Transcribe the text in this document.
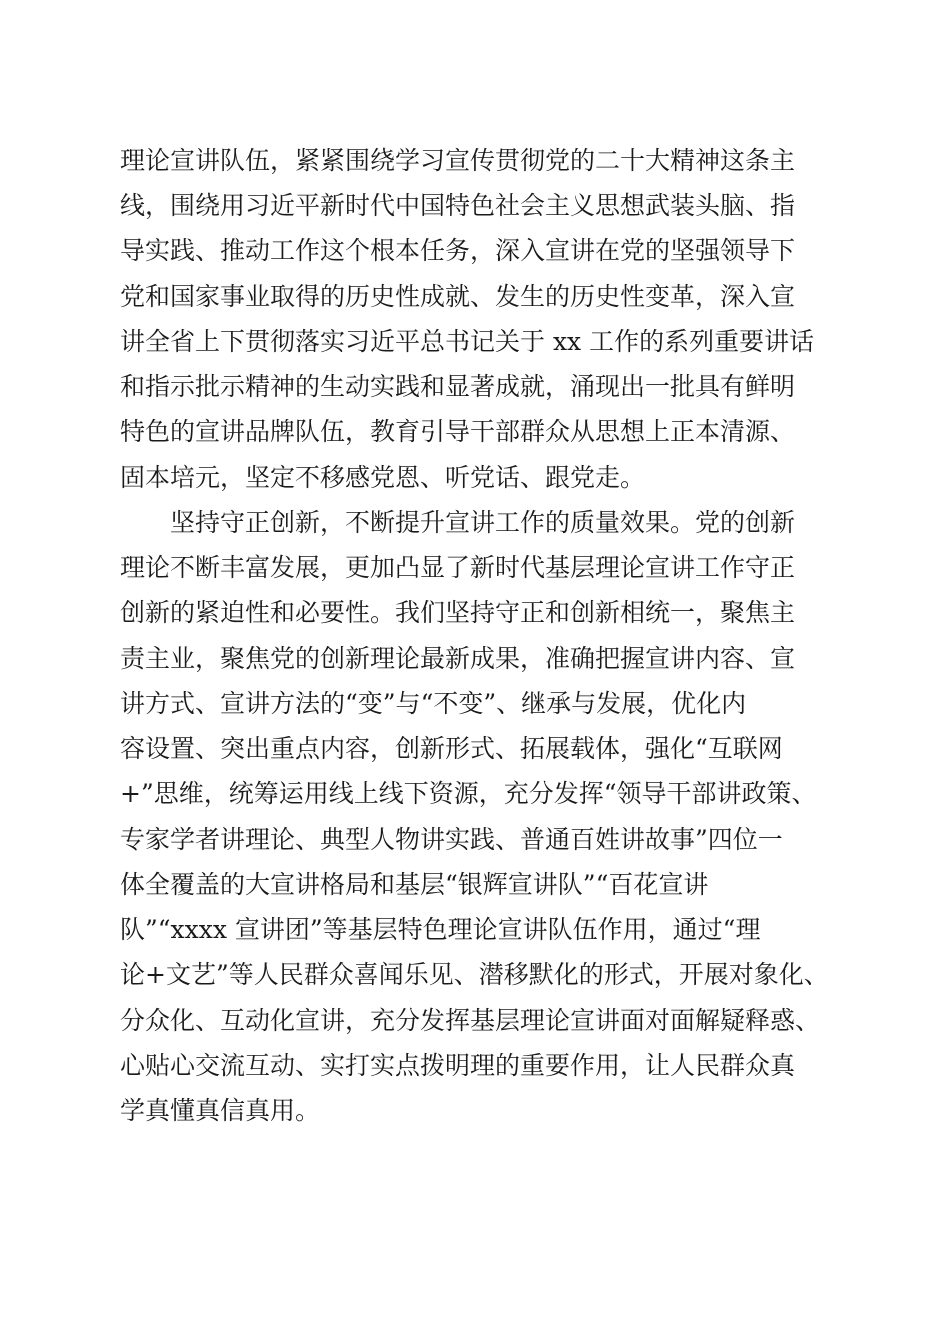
理论宣讲队伍，紧紧围绕学习宣传贯彻党的二十大精神这条主
线，围绕用习近平新时代中国特色社会主义思想武装头脑、指
导实践、推动工作这个根本任务，深入宣讲在党的坚强领导下
党和国家事业取得的历史性成就、发生的历史性变革，深入宣
讲全省上下贯彻落实习近平总书记关于 xx 工作的系列重要讲话
和指示批示精神的生动实践和显著成就，涌现出一批具有鲜明
特色的宣讲品牌队伍，教育引导干部群众从思想上正本清源、
固本培元，坚定不移感党恩、听党话、跟党走。
坚持守正创新，不断提升宣讲工作的质量效果。党的创新
理论不断丰富发展，更加凸显了新时代基层理论宣讲工作守正
创新的紧迫性和必要性。我们坚持守正和创新相统一，聚焦主
责主业，聚焦党的创新理论最新成果，准确把握宣讲内容、宣
讲方式、宣讲方法的“变”与“不变”、继承与发展，优化内
容设置、突出重点内容，创新形式、拓展载体，强化“互联网
+”思维，统筹运用线上线下资源，充分发挥“领导干部讲政策、
专家学者讲理论、典型人物讲实践、普通百姓讲故事”四位一
体全覆盖的大宣讲格局和基层“银辉宣讲队”“百花宣讲
队”“xxxx 宣讲团”等基层特色理论宣讲队伍作用，通过“理
论+文艺”等人民群众喜闻乐见、潜移默化的形式，开展对象化、
分众化、互动化宣讲，充分发挥基层理论宣讲面对面解疑释惑、
心贴心交流互动、实打实点拨明理的重要作用，让人民群众真
学真懂真信真用。
